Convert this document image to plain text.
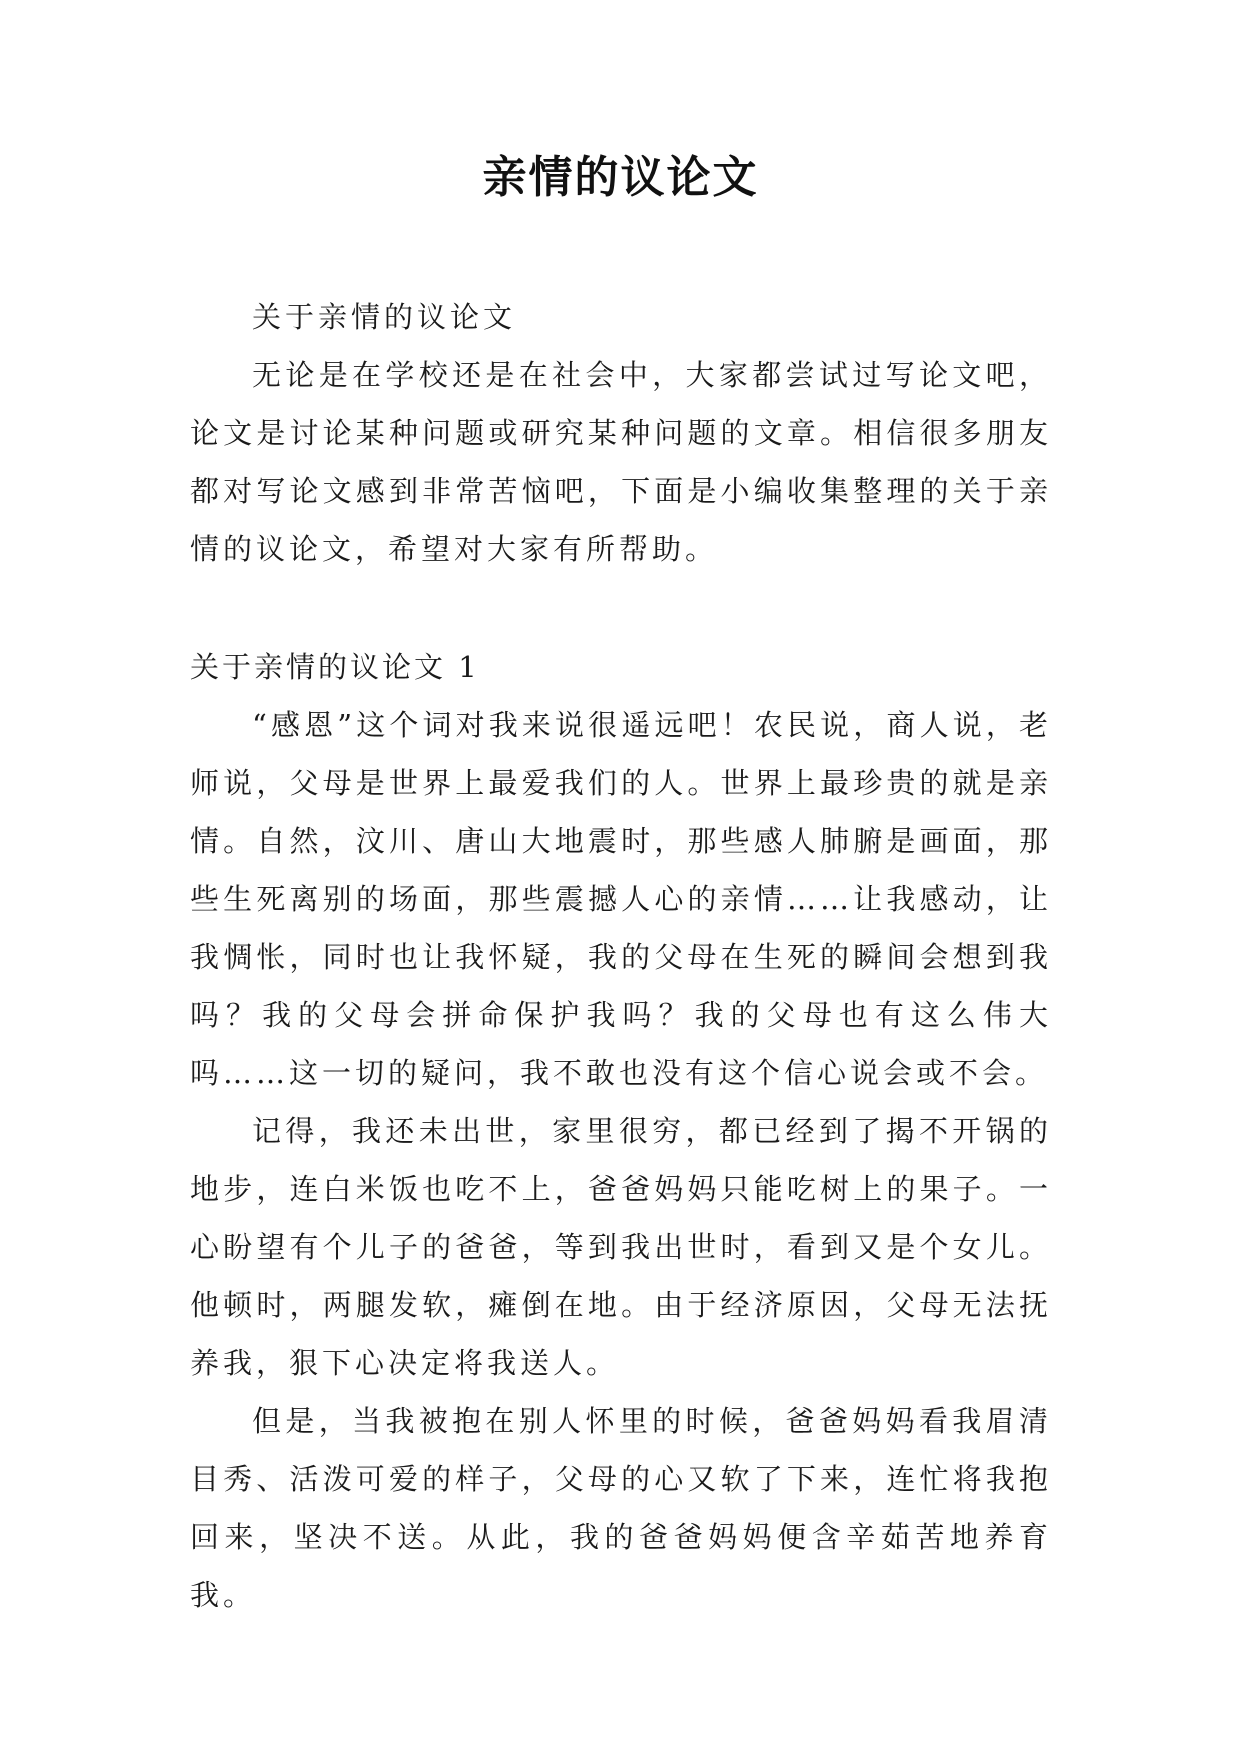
亲情的议论文

关于亲情的议论文

无论是在学校还是在社会中，大家都尝试过写论文吧，论文是讨论某种问题或研究某种问题的文章。相信很多朋友都对写论文感到非常苦恼吧，下面是小编收集整理的关于亲情的议论文，希望对大家有所帮助。

关于亲情的议论文 1

“感恩”这个词对我来说很遥远吧！农民说，商人说，老师说，父母是世界上最爱我们的人。世界上最珍贵的就是亲情。自然，汶川、唐山大地震时，那些感人肺腑是画面，那些生死离别的场面，那些震撼人心的亲情……让我感动，让我惆怅，同时也让我怀疑，我的父母在生死的瞬间会想到我吗？我的父母会拼命保护我吗？我的父母也有这么伟大吗……这一切的疑问，我不敢也没有这个信心说会或不会。

记得，我还未出世，家里很穷，都已经到了揭不开锅的地步，连白米饭也吃不上，爸爸妈妈只能吃树上的果子。一心盼望有个儿子的爸爸，等到我出世时，看到又是个女儿。他顿时，两腿发软，瘫倒在地。由于经济原因，父母无法抚养我，狠下心决定将我送人。

但是，当我被抱在别人怀里的时候，爸爸妈妈看我眉清目秀、活泼可爱的样子，父母的心又软了下来，连忙将我抱回来，坚决不送。从此，我的爸爸妈妈便含辛茹苦地养育我。
